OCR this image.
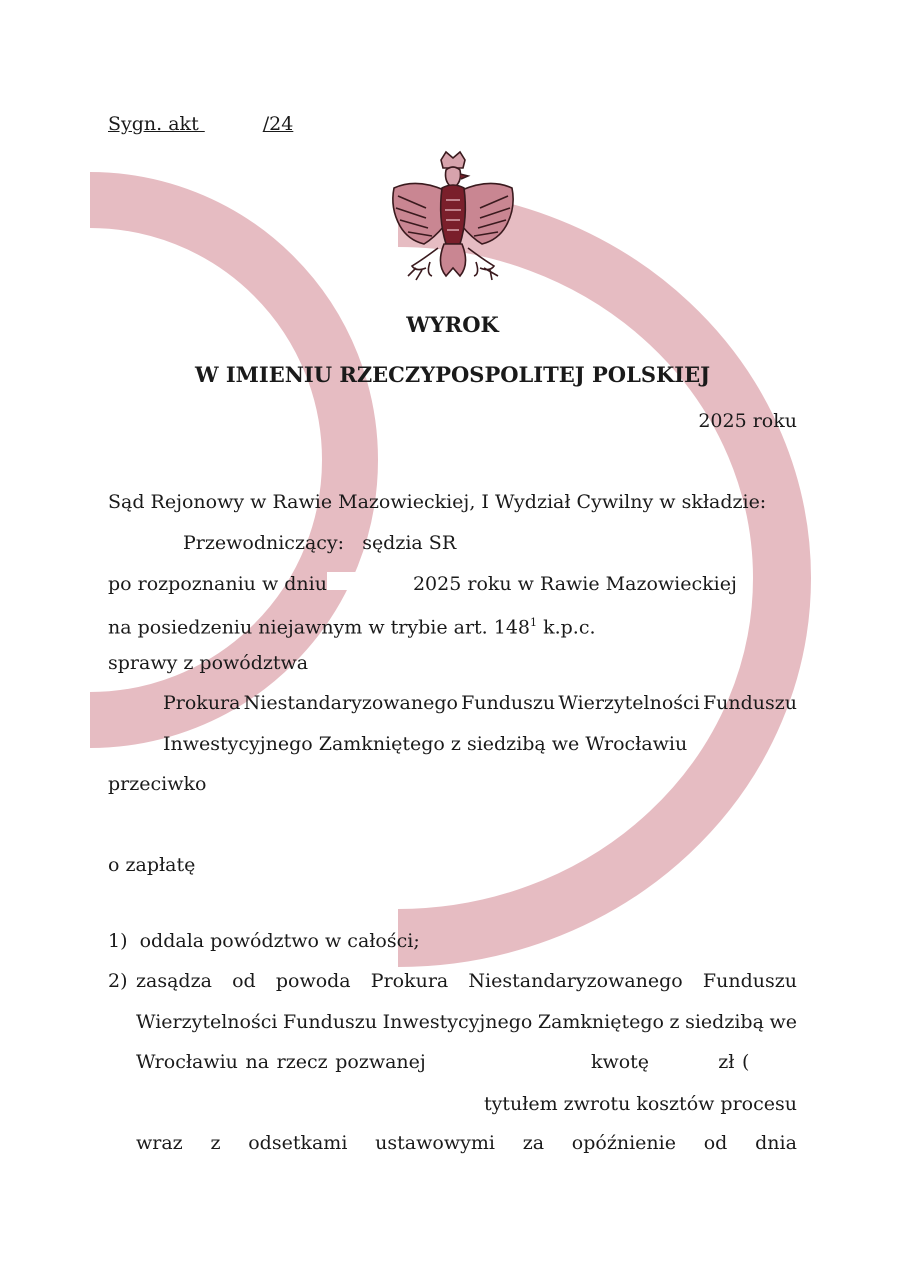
Sygn. akt	/24
WYROK
W IMIENIU RZECZYPOSPOLITEJ POLSKIEJ
2025 roku
Sąd Rejonowy w Rawie Mazowieckiej, I Wydział Cywilny w składzie:
Przewodniczący: sędzia SR
po rozpoznaniu w dniu	2025 roku w Rawie Mazowieckiej
na posiedzeniu niejawnym w trybie art. $148^1$ k.p.c.
sprawy z powództwa
Prokura Niestandaryzowanego Funduszu Wierzytelności Funduszu
Inwestycyjnego Zamkniętego z siedzibą we Wrocławiu
przeciwko
o zapłatę
1) oddala powództwo w całości;
2) zasądza od powoda Prokura Niestandaryzowanego Funduszu
Wierzytelności Funduszu Inwestycyjnego Zamkniętego z siedzibą we
Wrocławiu na rzecz pozwanej	kwotę	zł (
tytułem zwrotu kosztów procesu
wraz z odsetkami ustawowymi za opóźnienie od dnia
